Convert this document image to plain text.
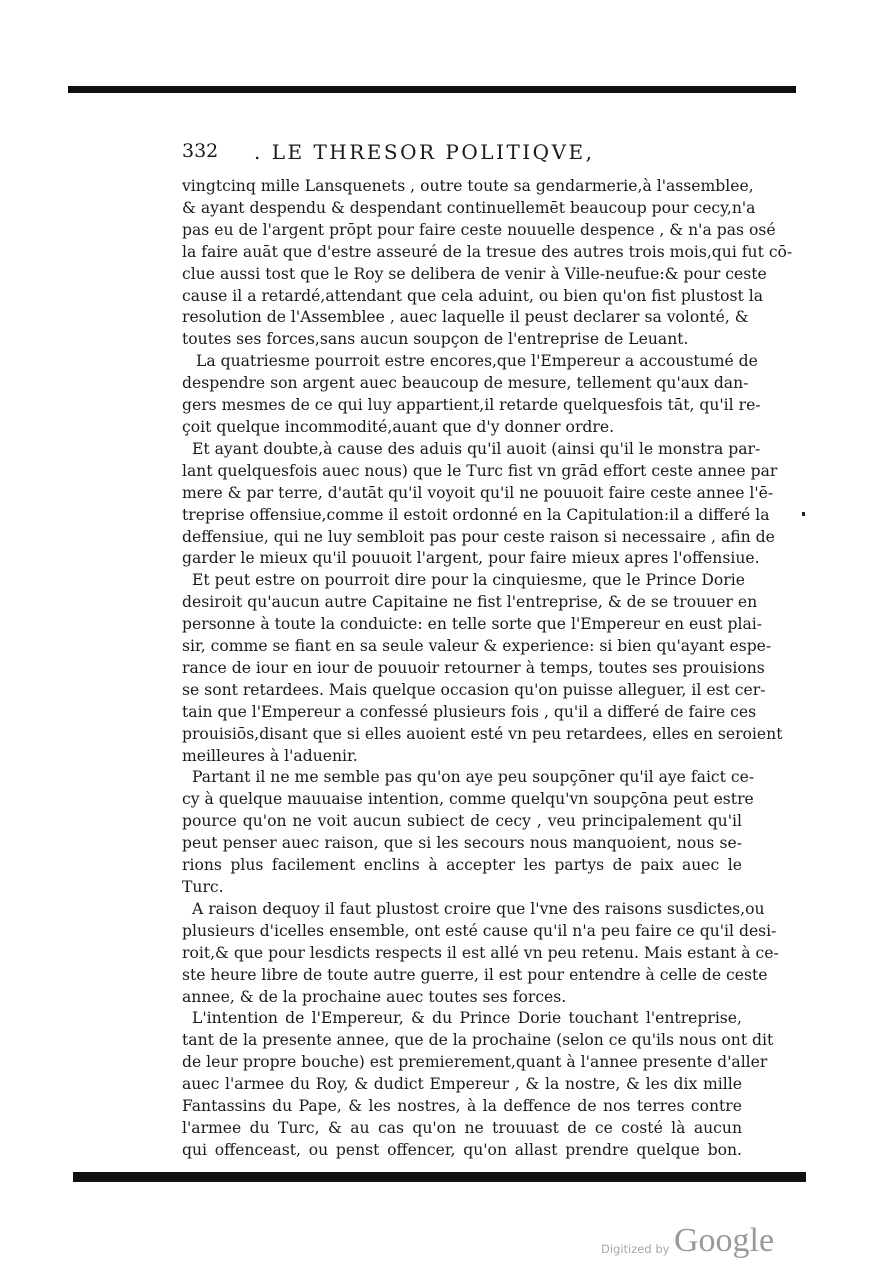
332 . LE THRESOR POLITIQVE,

vingtcinq mille Lansquenets , outre toute sa gendarmerie,à l'assemblee,

& ayant despendu & despendant continuellemēt beaucoup pour cecy,n'a

pas eu de l'argent prōpt pour faire ceste nouuelle despence , & n'a pas osé

la faire auāt que d'estre asseuré de la tresue des autres trois mois,qui fut cō-

clue aussi tost que le Roy se delibera de venir à Ville-neufue:& pour ceste

cause il a retardé,attendant que cela aduint, ou bien qu'on fist plustost la

resolution de l'Assemblee , auec laquelle il peust declarer sa volonté, &

toutes ses forces,sans aucun soupçon de l'entreprise de Leuant.

La quatriesme pourroit estre encores,que l'Empereur a accoustumé de

despendre son argent auec beaucoup de mesure, tellement qu'aux dan-

gers mesmes de ce qui luy appartient,il retarde quelquesfois tāt, qu'il re-

çoit quelque incommodité,auant que d'y donner ordre.

Et ayant doubte,à cause des aduis qu'il auoit (ainsi qu'il le monstra par-

lant quelquesfois auec nous) que le Turc fist vn grād effort ceste annee par

mere & par terre, d'autāt qu'il voyoit qu'il ne pouuoit faire ceste annee l'ē-

treprise offensiue,comme il estoit ordonné en la Capitulation:il a differé la

deffensiue, qui ne luy sembloit pas pour ceste raison si necessaire , afin de

garder le mieux qu'il pouuoit l'argent, pour faire mieux apres l'offensiue.

Et peut estre on pourroit dire pour la cinquiesme, que le Prince Dorie

desiroit qu'aucun autre Capitaine ne fist l'entreprise, & de se trouuer en

personne à toute la conduicte: en telle sorte que l'Empereur en eust plai-

sir, comme se fiant en sa seule valeur & experience: si bien qu'ayant espe-

rance de iour en iour de pouuoir retourner à temps, toutes ses prouisions

se sont retardees. Mais quelque occasion qu'on puisse alleguer, il est cer-

tain que l'Empereur a confessé plusieurs fois , qu'il a differé de faire ces

prouisiōs,disant que si elles auoient esté vn peu retardees, elles en seroient

meilleures à l'aduenir.

Partant il ne me semble pas qu'on aye peu soupçōner qu'il aye faict ce-

cy à quelque mauuaise intention, comme quelqu'vn soupçōna peut estre

pource qu'on ne voit aucun subiect de cecy , veu principalement qu'il

peut penser auec raison, que si les secours nous manquoient, nous se-

rions plus facilement enclins à accepter les partys de paix auec le

Turc.

A raison dequoy il faut plustost croire que l'vne des raisons susdictes,ou

plusieurs d'icelles ensemble, ont esté cause qu'il n'a peu faire ce qu'il desi-

roit,& que pour lesdicts respects il est allé vn peu retenu. Mais estant à ce-

ste heure libre de toute autre guerre, il est pour entendre à celle de ceste

annee, & de la prochaine auec toutes ses forces.

L'intention de l'Empereur, & du Prince Dorie touchant l'entreprise,

tant de la presente annee, que de la prochaine (selon ce qu'ils nous ont dit

de leur propre bouche) est premierement,quant à l'annee presente d'aller

auec l'armee du Roy, & dudict Empereur , & la nostre, & les dix mille

Fantassins du Pape, & les nostres, à la deffence de nos terres contre

l'armee du Turc, & au cas qu'on ne trouuast de ce costé là aucun

qui offenceast, ou penst offencer, qu'on allast prendre quelque bon.

Digitized by Google
